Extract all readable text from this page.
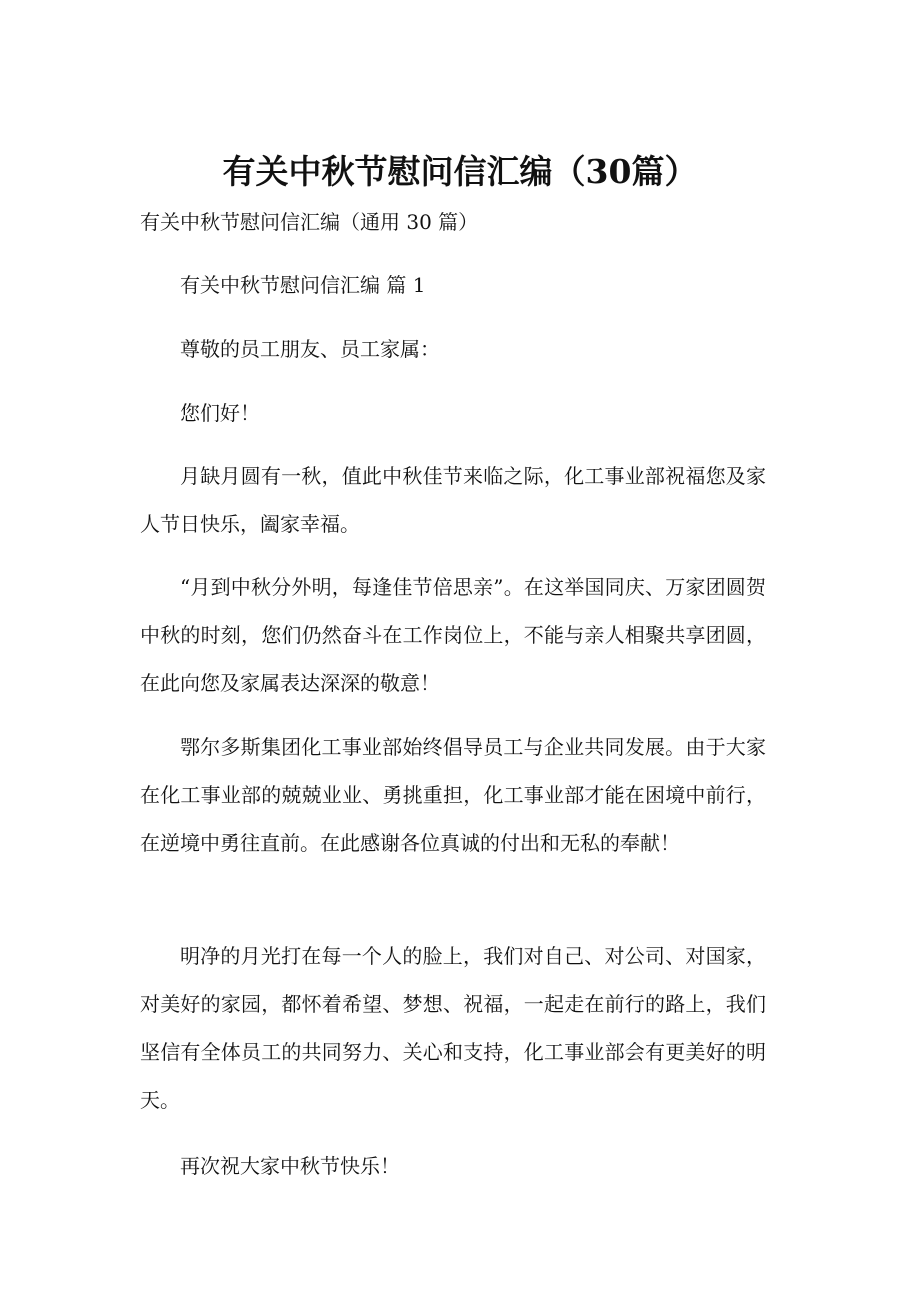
有关中秋节慰问信汇编（30篇）
有关中秋节慰问信汇编（通用 30 篇）

有关中秋节慰问信汇编 篇 1

尊敬的员工朋友、员工家属：

您们好！

月缺月圆有一秋，值此中秋佳节来临之际，化工事业部祝福您及家人节日快乐，阖家幸福。

“月到中秋分外明，每逢佳节倍思亲”。在这举国同庆、万家团圆贺中秋的时刻，您们仍然奋斗在工作岗位上，不能与亲人相聚共享团圆，在此向您及家属表达深深的敬意！

鄂尔多斯集团化工事业部始终倡导员工与企业共同发展。由于大家在化工事业部的兢兢业业、勇挑重担，化工事业部才能在困境中前行，在逆境中勇往直前。在此感谢各位真诚的付出和无私的奉献！

明净的月光打在每一个人的脸上，我们对自己、对公司、对国家，对美好的家园，都怀着希望、梦想、祝福，一起走在前行的路上，我们坚信有全体员工的共同努力、关心和支持，化工事业部会有更美好的明天。

再次祝大家中秋节快乐！
